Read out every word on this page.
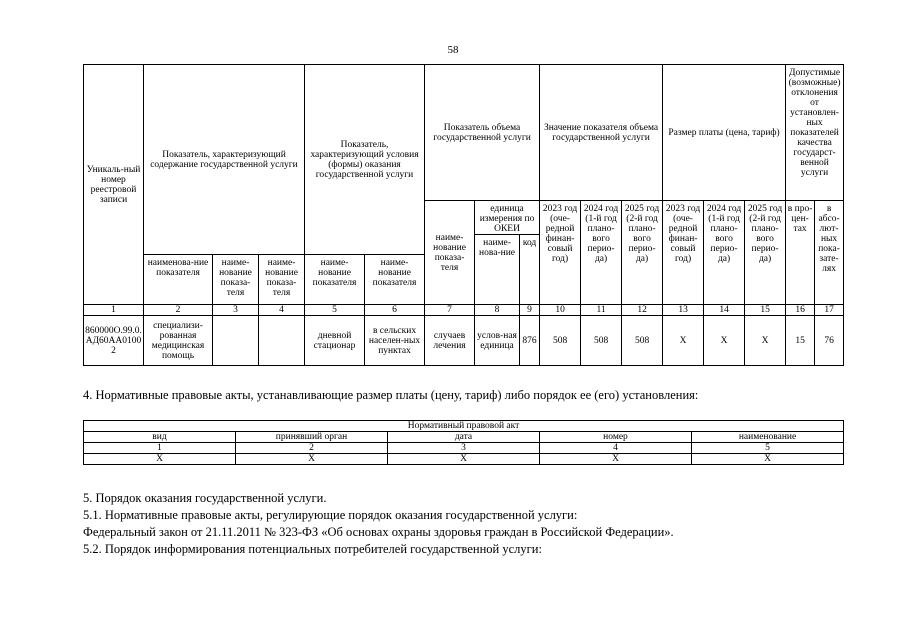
58
Уникаль-ный номер реестровой записи	Показатель, характеризующий содержание государственной услуги			Показатель, характеризующий условия (формы) оказания государственной услуги		Показатель объема государственной услуги			Значение показателя объема государственной услуги			Размер платы (цена, тариф)			Допустимые (возможные) отклонения от установлен-ных показателей качества государст-венной услуги	
						наиме-нование показа-теля	единица измерения по ОКЕИ		2023 год (оче-редной финан-совый год)	2024 год (1-й год плано-вого перио-да)	2025 год (2-й год плано-вого перио-да)	2023 год (оче-редной финан-совый год)	2024 год (1-й год плано-вого перио-да)	2025 год (2-й год плано-вого перио-да)	в про-цен-тах	в абсо-лют-ных пока-зате-лях
							наиме-нова-ние	код								
	наименова-ние показателя	наиме-нование показа-теля	наиме-нование показа-теля	наиме-нование показателя	наиме-нование показателя											
1	2	3	4	5	6	7	8	9	10	11	12	13	14	15	16	17
860000О.99.0.АД60АА01002	специализи-рованная медицинская помощь			дневной стационар	в сельских населен-ных пунктах	случаев лечения	услов-ная единица	876	508	508	508	X	X	X	15	76
4. Нормативные правовые акты, устанавливающие размер платы (цену, тариф) либо порядок ее (его) установления:
Нормативный правовой акт				
вид	принявший орган	дата	номер	наименование
1	2	3	4	5
X	X	X	X	X
5. Порядок оказания государственной услуги.
5.1. Нормативные правовые акты, регулирующие порядок оказания государственной услуги:
Федеральный закон от 21.11.2011 № 323-ФЗ «Об основах охраны здоровья граждан в Российской Федерации».
5.2. Порядок информирования потенциальных потребителей государственной услуги:
